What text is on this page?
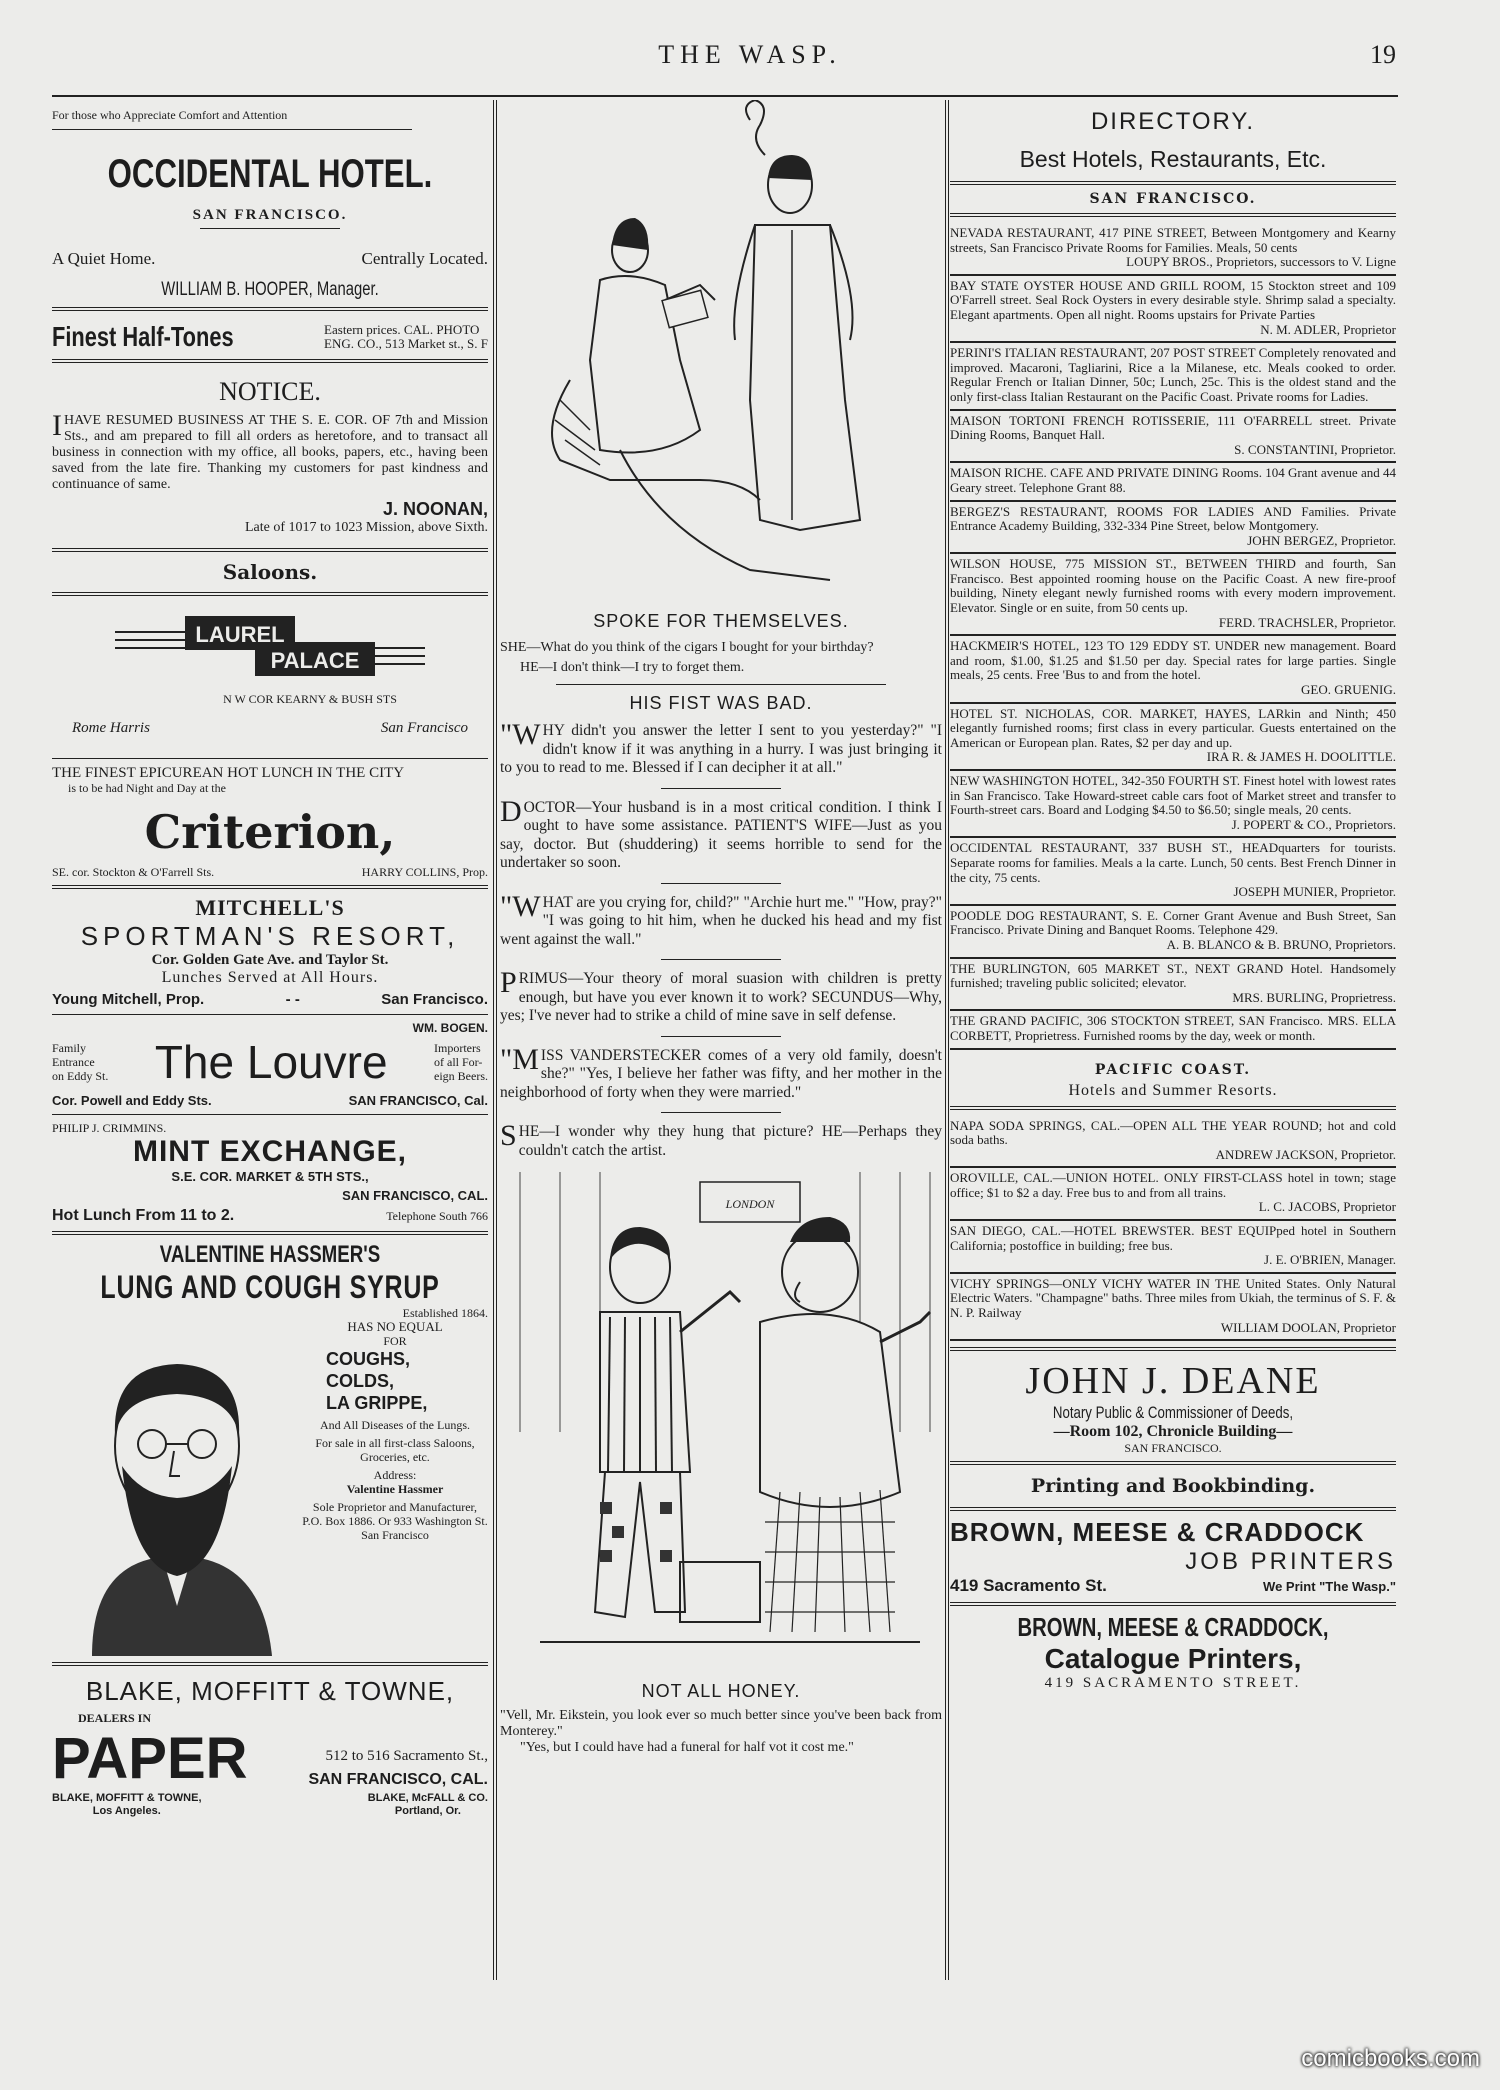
THE WASP.	19
For those who Appreciate Comfort and Attention
OCCIDENTAL HOTEL.
SAN FRANCISCO.
A Quiet Home.	Centrally Located.
WILLIAM B. HOOPER, Manager.
Finest Half-Tones	Eastern prices. CAL. PHOTO
ENG. CO., 513 Market st., S. F
NOTICE.
IHAVE RESUMED BUSINESS AT THE S. E. COR. OF 7th and Mission Sts., and am prepared to fill all orders as heretofore, and to transact all business in connection with my office, all books, papers, etc., having been saved from the late fire. Thanking my customers for past kindness and continuance of same.
J. NOONAN,
Late of 1017 to 1023 Mission, above Sixth.
Saloons.
LAUREL
PALACE
N W COR KEARNY & BUSH STS
Rome Harris	San Francisco
THE FINEST EPICUREAN HOT LUNCH IN THE CITY
is to be had Night and Day at the
Criterion,
SE. cor. Stockton & O'Farrell Sts.	HARRY COLLINS, Prop.
MITCHELL'S
SPORTMAN'S RESORT,
Cor. Golden Gate Ave. and Taylor St.
Lunches Served at All Hours.
Young Mitchell, Prop.	- -	San Francisco.
WM. BOGEN.
Family
Entrance
on Eddy St. The Louvre	Importers
of all For-
eign Beers.
Cor. Powell and Eddy Sts.	SAN FRANCISCO, Cal.
PHILIP J. CRIMMINS.
MINT EXCHANGE,
S.E. COR. MARKET & 5TH STS.,
SAN FRANCISCO, CAL.
Hot Lunch From 11 to 2.	Telephone South 766
VALENTINE HASSMER'S
LUNG AND COUGH SYRUP
Established 1864.
HAS NO EQUAL
FOR
COUGHS,
COLDS,
LA GRIPPE,
And All Diseases of the Lungs.
For sale in all first-class Saloons, Groceries, etc.
Address:
Valentine Hassmer
Sole Proprietor and Manufacturer, P.O. Box 1886. Or 933 Washington St. San Francisco
BLAKE, MOFFITT & TOWNE,
DEALERS IN
PAPER	512 to 516 Sacramento St.,
SAN FRANCISCO, CAL.
BLAKE, MOFFITT & TOWNE,
Los Angeles.
BLAKE, McFALL & CO.
Portland, Or.
SPOKE FOR THEMSELVES.
SHE—What do you think of the cigars I bought for your birthday?
HE—I don't think—I try to forget them.
HIS FIST WAS BAD.
"WHY didn't you answer the letter I sent to you yesterday?" "I didn't know if it was anything in a hurry. I was just bringing it to you to read to me. Blessed if I can decipher it at all."
DOCTOR—Your husband is in a most critical condition. I think I ought to have some assistance. PATIENT'S WIFE—Just as you say, doctor. But (shuddering) it seems horrible to send for the undertaker so soon.
"WHAT are you crying for, child?" "Archie hurt me." "How, pray?" "I was going to hit him, when he ducked his head and my fist went against the wall."
PRIMUS—Your theory of moral suasion with children is pretty enough, but have you ever known it to work? SECUNDUS—Why, yes; I've never had to strike a child of mine save in self defense.
"MISS VANDERSTECKER comes of a very old family, doesn't she?" "Yes, I believe her father was fifty, and her mother in the neighborhood of forty when they were married."
SHE—I wonder why they hung that picture? HE—Perhaps they couldn't catch the artist.
LONDON
NOT ALL HONEY.
"Vell, Mr. Eikstein, you look ever so much better since you've been back from Monterey."
"Yes, but I could have had a funeral for half vot it cost me."
DIRECTORY.
Best Hotels, Restaurants, Etc.
SAN FRANCISCO.
NEVADA RESTAURANT, 417 PINE STREET, Between Montgomery and Kearny streets, San Francisco Private Rooms for Families. Meals, 50 cents
LOUPY BROS., Proprietors, successors to V. Ligne
BAY STATE OYSTER HOUSE AND GRILL ROOM, 15 Stockton street and 109 O'Farrell street. Seal Rock Oysters in every desirable style. Shrimp salad a specialty. Elegant apartments. Open all night. Rooms upstairs for Private Parties
N. M. ADLER, Proprietor
PERINI'S ITALIAN RESTAURANT, 207 POST STREET Completely renovated and improved. Macaroni, Tagliarini, Rice a la Milanese, etc. Meals cooked to order. Regular French or Italian Dinner, 50c; Lunch, 25c. This is the oldest stand and the only first-class Italian Restaurant on the Pacific Coast. Private rooms for Ladies.
MAISON TORTONI FRENCH ROTISSERIE, 111 O'FARRELL street. Private Dining Rooms, Banquet Hall.
S. CONSTANTINI, Proprietor.
MAISON RICHE. CAFE AND PRIVATE DINING Rooms. 104 Grant avenue and 44 Geary street. Telephone Grant 88.
BERGEZ'S RESTAURANT, ROOMS FOR LADIES AND Families. Private Entrance Academy Building, 332-334 Pine Street, below Montgomery.
JOHN BERGEZ, Proprietor.
WILSON HOUSE, 775 MISSION ST., BETWEEN THIRD and fourth, San Francisco. Best appointed rooming house on the Pacific Coast. A new fire-proof building, Ninety elegant newly furnished rooms with every modern improvement. Elevator. Single or en suite, from 50 cents up.
FERD. TRACHSLER, Proprietor.
HACKMEIR'S HOTEL, 123 TO 129 EDDY ST. UNDER new management. Board and room, $1.00, $1.25 and $1.50 per day. Special rates for large parties. Single meals, 25 cents. Free 'Bus to and from the hotel.
GEO. GRUENIG.
HOTEL ST. NICHOLAS, COR. MARKET, HAYES, LARkin and Ninth; 450 elegantly furnished rooms; first class in every particular. Guests entertained on the American or European plan. Rates, $2 per day and up.
IRA R. & JAMES H. DOOLITTLE.
NEW WASHINGTON HOTEL, 342-350 FOURTH ST. Finest hotel with lowest rates in San Francisco. Take Howard-street cable cars foot of Market street and transfer to Fourth-street cars. Board and Lodging $4.50 to $6.50; single meals, 20 cents.
J. POPERT & CO., Proprietors.
OCCIDENTAL RESTAURANT, 337 BUSH ST., HEADquarters for tourists. Separate rooms for families. Meals a la carte. Lunch, 50 cents. Best French Dinner in the city, 75 cents.
JOSEPH MUNIER, Proprietor.
POODLE DOG RESTAURANT, S. E. Corner Grant Avenue and Bush Street, San Francisco. Private Dining and Banquet Rooms. Telephone 429.
A. B. BLANCO & B. BRUNO, Proprietors.
THE BURLINGTON, 605 MARKET ST., NEXT GRAND Hotel. Handsomely furnished; traveling public solicited; elevator.
MRS. BURLING, Proprietress.
THE GRAND PACIFIC, 306 STOCKTON STREET, SAN Francisco. MRS. ELLA CORBETT, Proprietress. Furnished rooms by the day, week or month.
PACIFIC COAST.
Hotels and Summer Resorts.
NAPA SODA SPRINGS, CAL.—OPEN ALL THE YEAR ROUND; hot and cold soda baths.
ANDREW JACKSON, Proprietor.
OROVILLE, CAL.—UNION HOTEL. ONLY FIRST-CLASS hotel in town; stage office; $1 to $2 a day. Free bus to and from all trains.
L. C. JACOBS, Proprietor
SAN DIEGO, CAL.—HOTEL BREWSTER. BEST EQUIPped hotel in Southern California; postoffice in building; free bus.
J. E. O'BRIEN, Manager.
VICHY SPRINGS—ONLY VICHY WATER IN THE United States. Only Natural Electric Waters. "Champagne" baths. Three miles from Ukiah, the terminus of S. F. & N. P. Railway
WILLIAM DOOLAN, Proprietor
JOHN J. DEANE
Notary Public & Commissioner of Deeds,
—Room 102, Chronicle Building—
SAN FRANCISCO.
Printing and Bookbinding.
BROWN, MEESE & CRADDOCK
JOB PRINTERS
419 Sacramento St.	We Print "The Wasp."
BROWN, MEESE & CRADDOCK,
Catalogue Printers,
419 SACRAMENTO STREET.
comicbooks.com
